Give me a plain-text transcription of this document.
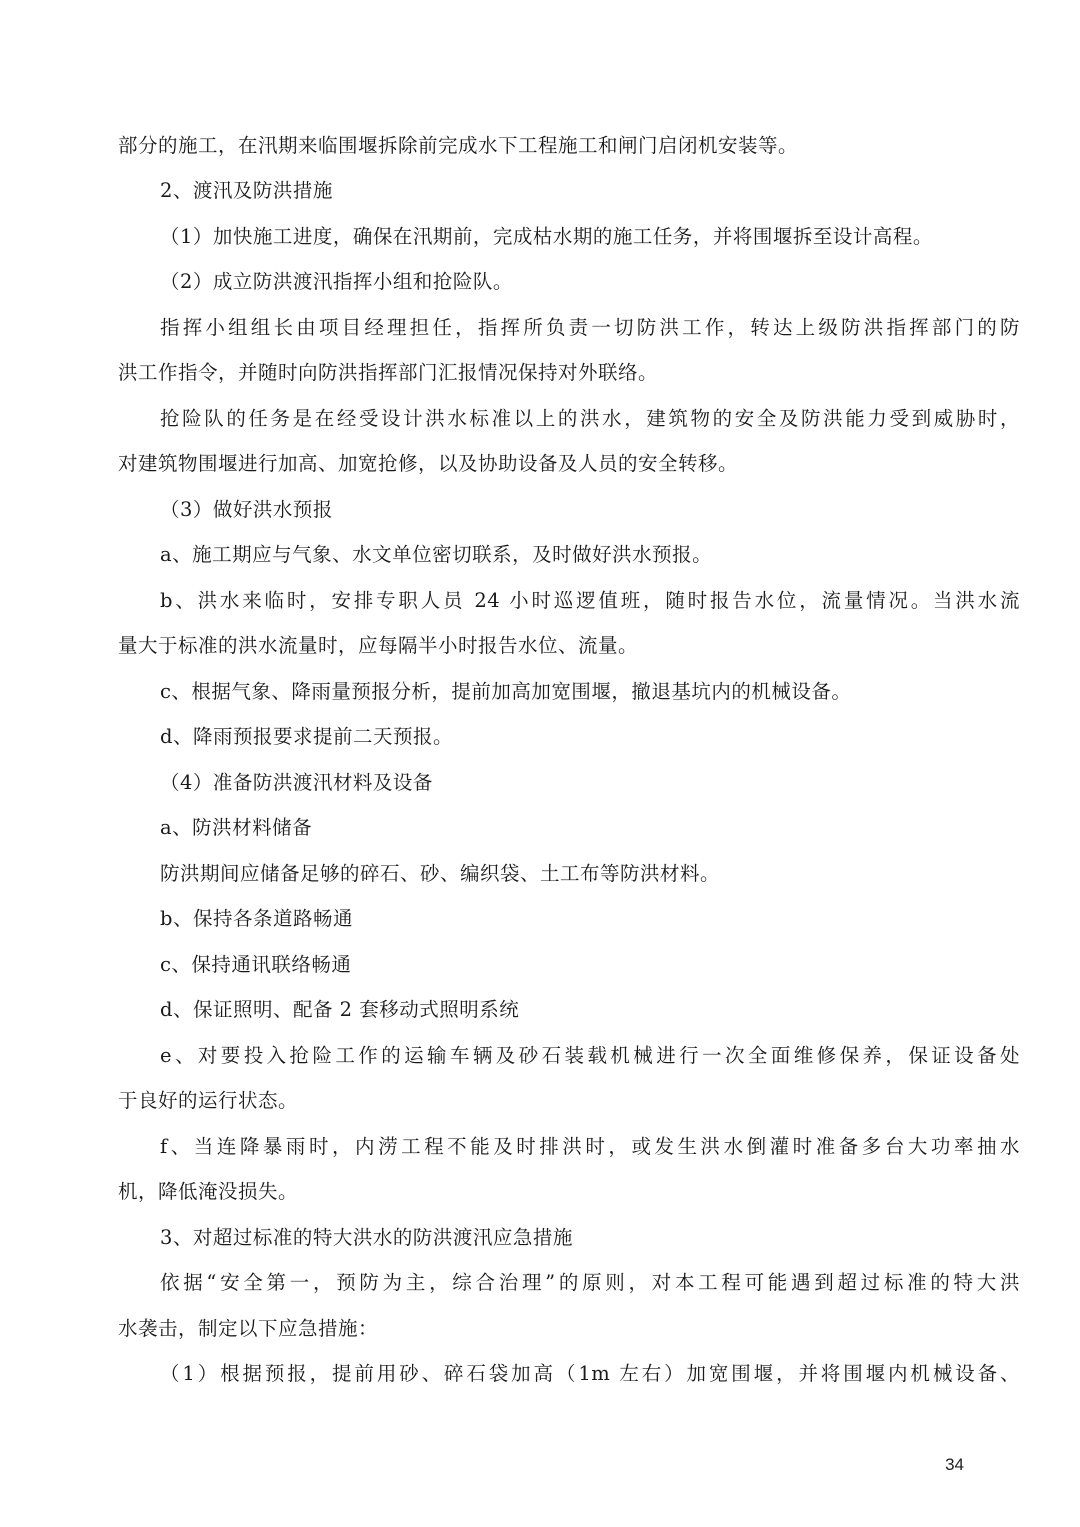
部分的施工，在汛期来临围堰拆除前完成水下工程施工和闸门启闭机安装等。
2、渡汛及防洪措施
（1）加快施工进度，确保在汛期前，完成枯水期的施工任务，并将围堰拆至设计高程。
（2）成立防洪渡汛指挥小组和抢险队。
指挥小组组长由项目经理担任，指挥所负责一切防洪工作，转达上级防洪指挥部门的防
洪工作指令，并随时向防洪指挥部门汇报情况保持对外联络。
抢险队的任务是在经受设计洪水标准以上的洪水，建筑物的安全及防洪能力受到威胁时，
对建筑物围堰进行加高、加宽抢修，以及协助设备及人员的安全转移。
（3）做好洪水预报
a、施工期应与气象、水文单位密切联系，及时做好洪水预报。
b、洪水来临时，安排专职人员 24 小时巡逻值班，随时报告水位，流量情况。当洪水流
量大于标准的洪水流量时，应每隔半小时报告水位、流量。
c、根据气象、降雨量预报分析，提前加高加宽围堰，撤退基坑内的机械设备。
d、降雨预报要求提前二天预报。
（4）准备防洪渡汛材料及设备
a、防洪材料储备
防洪期间应储备足够的碎石、砂、编织袋、土工布等防洪材料。
b、保持各条道路畅通
c、保持通讯联络畅通
d、保证照明、配备 2 套移动式照明系统
e、对要投入抢险工作的运输车辆及砂石装载机械进行一次全面维修保养，保证设备处
于良好的运行状态。
f、当连降暴雨时，内涝工程不能及时排洪时，或发生洪水倒灌时准备多台大功率抽水
机，降低淹没损失。
3、对超过标准的特大洪水的防洪渡汛应急措施
依据“安全第一，预防为主，综合治理”的原则，对本工程可能遇到超过标准的特大洪
水袭击，制定以下应急措施：
（1）根据预报，提前用砂、碎石袋加高（1m 左右）加宽围堰，并将围堰内机械设备、
34
